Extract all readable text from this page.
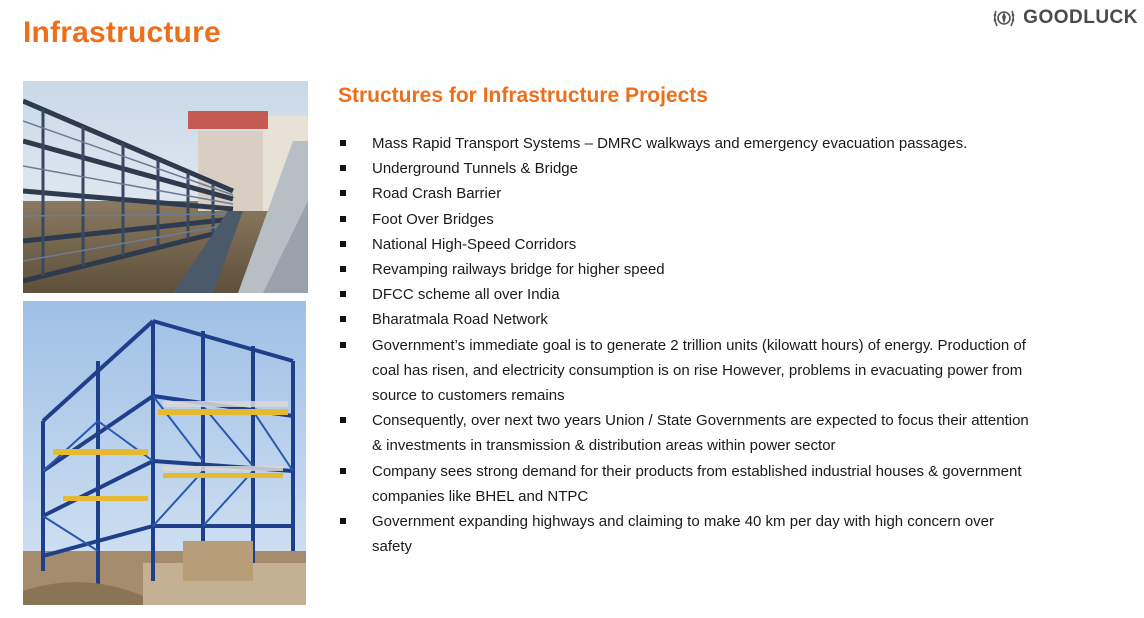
Infrastructure	GOODLUCK
Structures for Infrastructure Projects
Mass Rapid Transport Systems – DMRC walkways and emergency evacuation passages.
Underground Tunnels & Bridge
Road Crash Barrier
Foot Over Bridges
National High-Speed Corridors
Revamping railways bridge for higher speed
DFCC scheme all over India
Bharatmala Road Network
Government’s immediate goal is to generate 2 trillion units (kilowatt hours) of energy. Production of coal has risen, and electricity consumption is on rise However, problems in evacuating power from source to customers remains
Consequently, over next two years Union / State Governments are expected to focus their attention & investments in transmission & distribution areas within power sector
Company sees strong demand for their products from established industrial houses & government companies like BHEL and NTPC
Government expanding highways and claiming to make 40 km per day with high concern over safety
